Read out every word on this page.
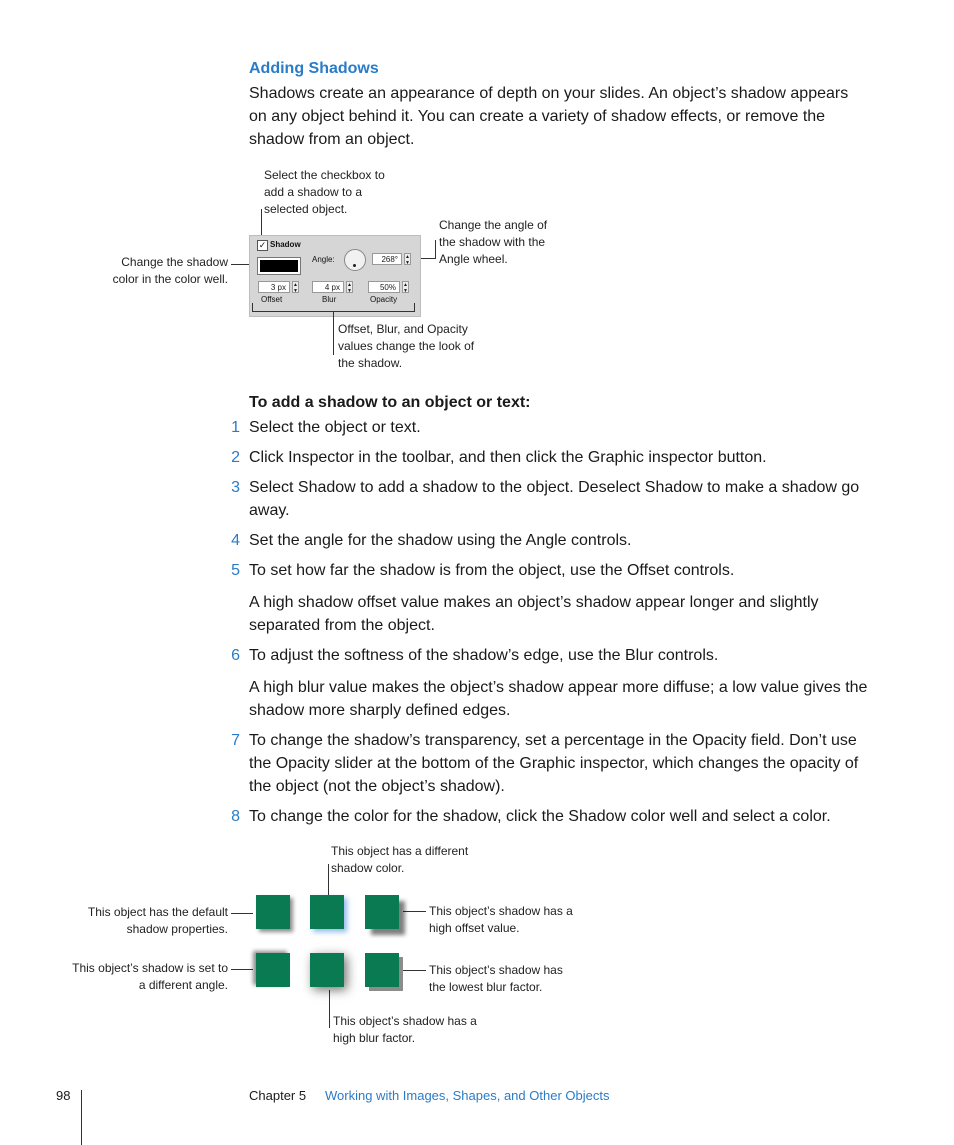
Adding Shadows
Shadows create an appearance of depth on your slides. An object’s shadow appears on any object behind it. You can create a variety of shadow effects, or remove the shadow from an object.
Select the checkbox to add a shadow to a selected object.
Change the angle of the shadow with the Angle wheel.
Change the shadow color in the color well.
✓ Shadow
Angle:	268°	▲
▼
3 px	▲
▼	4 px	▲
▼	50%	▲
▼
Offset	Blur	Opacity
Offset, Blur, and Opacity values change the look of the shadow.
To add a shadow to an object or text:
1 Select the object or text.
2 Click Inspector in the toolbar, and then click the Graphic inspector button.
3 Select Shadow to add a shadow to the object. Deselect Shadow to make a shadow go away.
4 Set the angle for the shadow using the Angle controls.
5 To set how far the shadow is from the object, use the Offset controls.
A high shadow offset value makes an object’s shadow appear longer and slightly separated from the object.
6 To adjust the softness of the shadow’s edge, use the Blur controls.
A high blur value makes the object’s shadow appear more diffuse; a low value gives the shadow more sharply defined edges.
7 To change the shadow’s transparency, set a percentage in the Opacity field. Don’t use the Opacity slider at the bottom of the Graphic inspector, which changes the opacity of the object (not the object’s shadow).
8 To change the color for the shadow, click the Shadow color well and select a color.
This object has a different shadow color.
This object has the default shadow properties.
This object’s shadow has a high offset value.
This object’s shadow is set to a different angle.
This object’s shadow has the lowest blur factor.
This object’s shadow has a high blur factor.
98	Chapter 5 Working with Images, Shapes, and Other Objects
